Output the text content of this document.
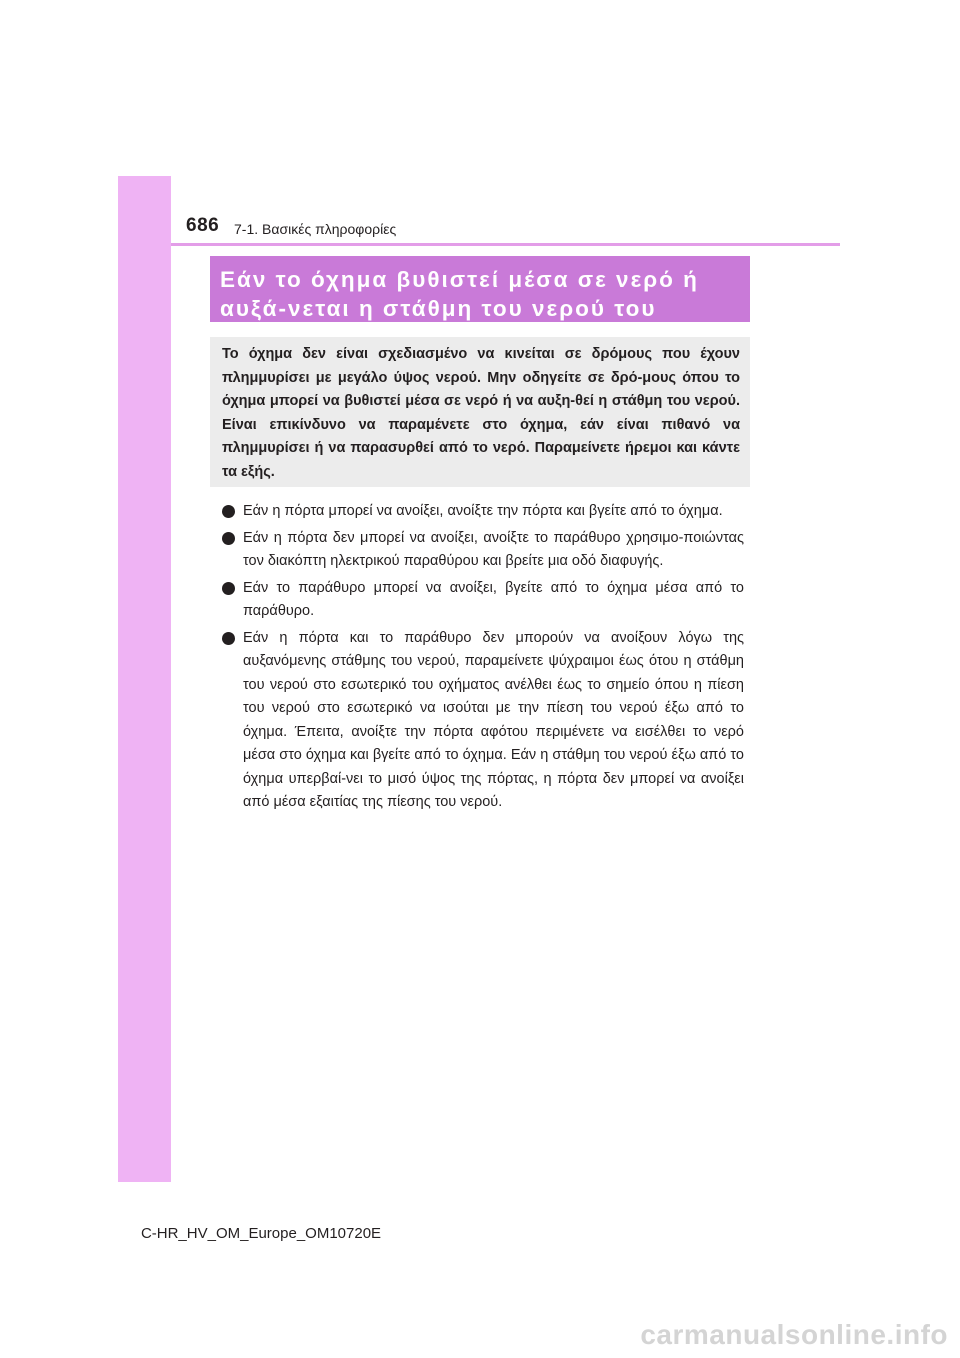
686 7-1. Βασικές πληροφορίες
Εάν το όχημα βυθιστεί μέσα σε νερό ή αυξά-νεται η στάθμη του νερού του
Το όχημα δεν είναι σχεδιασμένο να κινείται σε δρόμους που έχουν πλημμυρίσει με μεγάλο ύψος νερού. Μην οδηγείτε σε δρό-μους όπου το όχημα μπορεί να βυθιστεί μέσα σε νερό ή να αυξη-θεί η στάθμη του νερού. Είναι επικίνδυνο να παραμένετε στο όχημα, εάν είναι πιθανό να πλημμυρίσει ή να παρασυρθεί από το νερό. Παραμείνετε ήρεμοι και κάντε τα εξής.
Εάν η πόρτα μπορεί να ανοίξει, ανοίξτε την πόρτα και βγείτε από το όχημα.
Εάν η πόρτα δεν μπορεί να ανοίξει, ανοίξτε το παράθυρο χρησιμο-ποιώντας τον διακόπτη ηλεκτρικού παραθύρου και βρείτε μια οδό διαφυγής.
Εάν το παράθυρο μπορεί να ανοίξει, βγείτε από το όχημα μέσα από το παράθυρο.
Εάν η πόρτα και το παράθυρο δεν μπορούν να ανοίξουν λόγω της αυξανόμενης στάθμης του νερού, παραμείνετε ψύχραιμοι έως ότου η στάθμη του νερού στο εσωτερικό του οχήματος ανέλθει έως το σημείο όπου η πίεση του νερού στο εσωτερικό να ισούται με την πίεση του νερού έξω από το όχημα. Έπειτα, ανοίξτε την πόρτα αφότου περιμένετε να εισέλθει το νερό μέσα στο όχημα και βγείτε από το όχημα. Εάν η στάθμη του νερού έξω από το όχημα υπερβαί-νει το μισό ύψος της πόρτας, η πόρτα δεν μπορεί να ανοίξει από μέσα εξαιτίας της πίεσης του νερού.
C-HR_HV_OM_Europe_OM10720E
carmanualsonline.info
